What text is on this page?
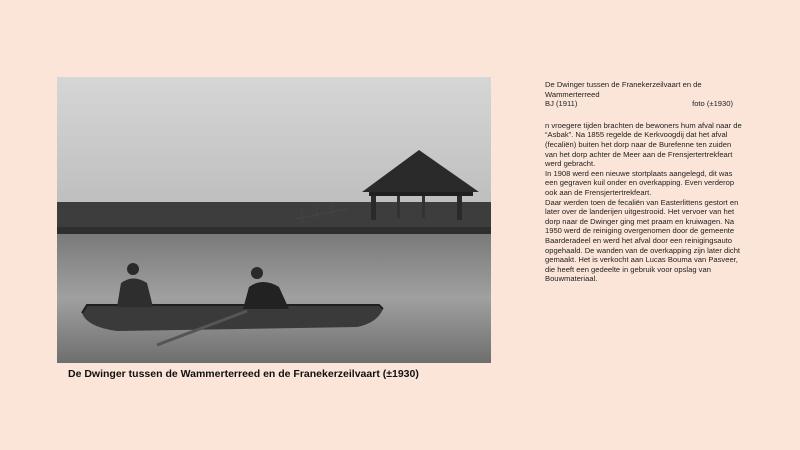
De Dwinger tussen de Wammerterreed en de Franekerzeilvaart (±1930)
De Dwinger tussen de Franekerzeilvaart en de Wammerterreed
BJ (1911)	foto (±1930)

n vroegere tijden brachten de bewoners hum afval naar de “Asbak”. Na 1855 regelde de Kerkvoogdij dat het afval (fecaliën) buiten het dorp naar de Burefenne ten zuiden van het dorp achter de Meer aan de Frensjertertrekfeart werd gebracht.

In 1908 werd een nieuwe stortplaats aangelegd, dit was een gegraven kuil onder en overkapping. Even verderop ook aan de Frensjertertrekfeart.

Daar werden toen de fecaliën van Easterlittens gestort en later over de landerijen uitgestrooid. Het vervoer van het dorp naar de Dwinger ging met praam en kruiwagen. Na 1950 werd de reiniging overgenomen door de gemeente Baarderadeel en werd het afval door een reinigingsauto opgehaald. De wanden van de overkapping zijn later dicht gemaakt. Het is verkocht aan Lucas Bouma van Pasveer, die heeft een gedeelte in gebruik voor opslag van Bouwmateriaal.
